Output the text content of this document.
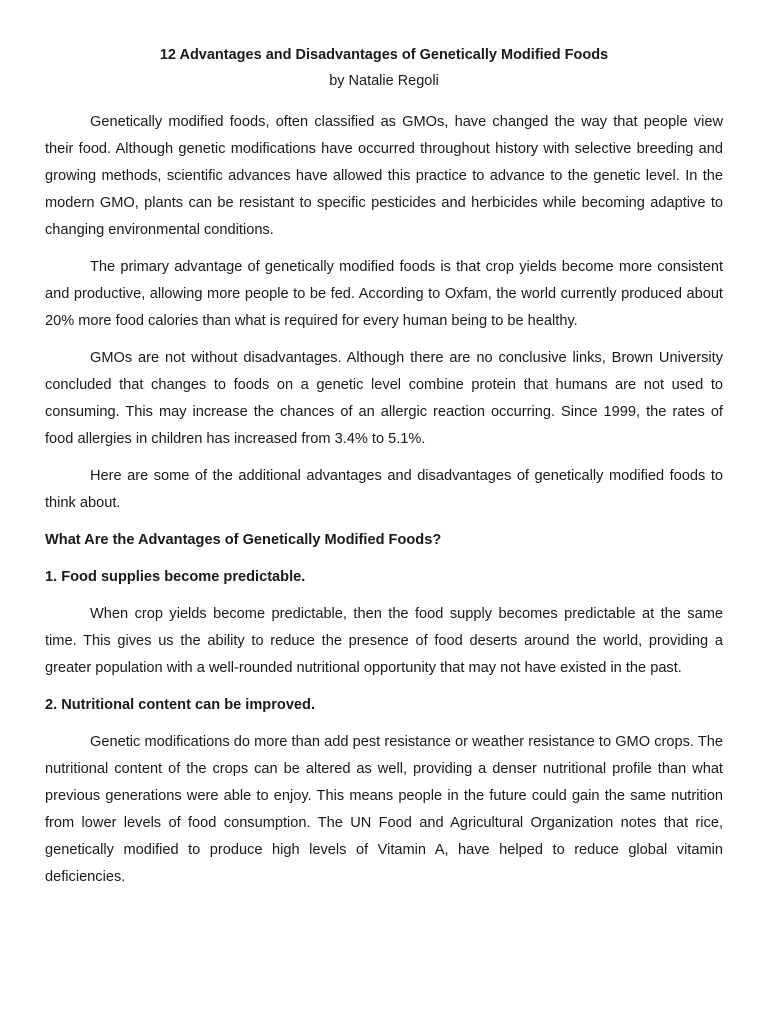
12 Advantages and Disadvantages of Genetically Modified Foods
by Natalie Regoli

Genetically modified foods, often classified as GMOs, have changed the way that people view their food. Although genetic modifications have occurred throughout history with selective breeding and growing methods, scientific advances have allowed this practice to advance to the genetic level. In the modern GMO, plants can be resistant to specific pesticides and herbicides while becoming adaptive to changing environmental conditions.

The primary advantage of genetically modified foods is that crop yields become more consistent and productive, allowing more people to be fed. According to Oxfam, the world currently produced about 20% more food calories than what is required for every human being to be healthy.

GMOs are not without disadvantages. Although there are no conclusive links, Brown University concluded that changes to foods on a genetic level combine protein that humans are not used to consuming. This may increase the chances of an allergic reaction occurring. Since 1999, the rates of food allergies in children has increased from 3.4% to 5.1%.

Here are some of the additional advantages and disadvantages of genetically modified foods to think about.

What Are the Advantages of Genetically Modified Foods?
1. Food supplies become predictable.

When crop yields become predictable, then the food supply becomes predictable at the same time. This gives us the ability to reduce the presence of food deserts around the world, providing a greater population with a well-rounded nutritional opportunity that may not have existed in the past.

2. Nutritional content can be improved.

Genetic modifications do more than add pest resistance or weather resistance to GMO crops. The nutritional content of the crops can be altered as well, providing a denser nutritional profile than what previous generations were able to enjoy. This means people in the future could gain the same nutrition from lower levels of food consumption. The UN Food and Agricultural Organization notes that rice, genetically modified to produce high levels of Vitamin A, have helped to reduce global vitamin deficiencies.
